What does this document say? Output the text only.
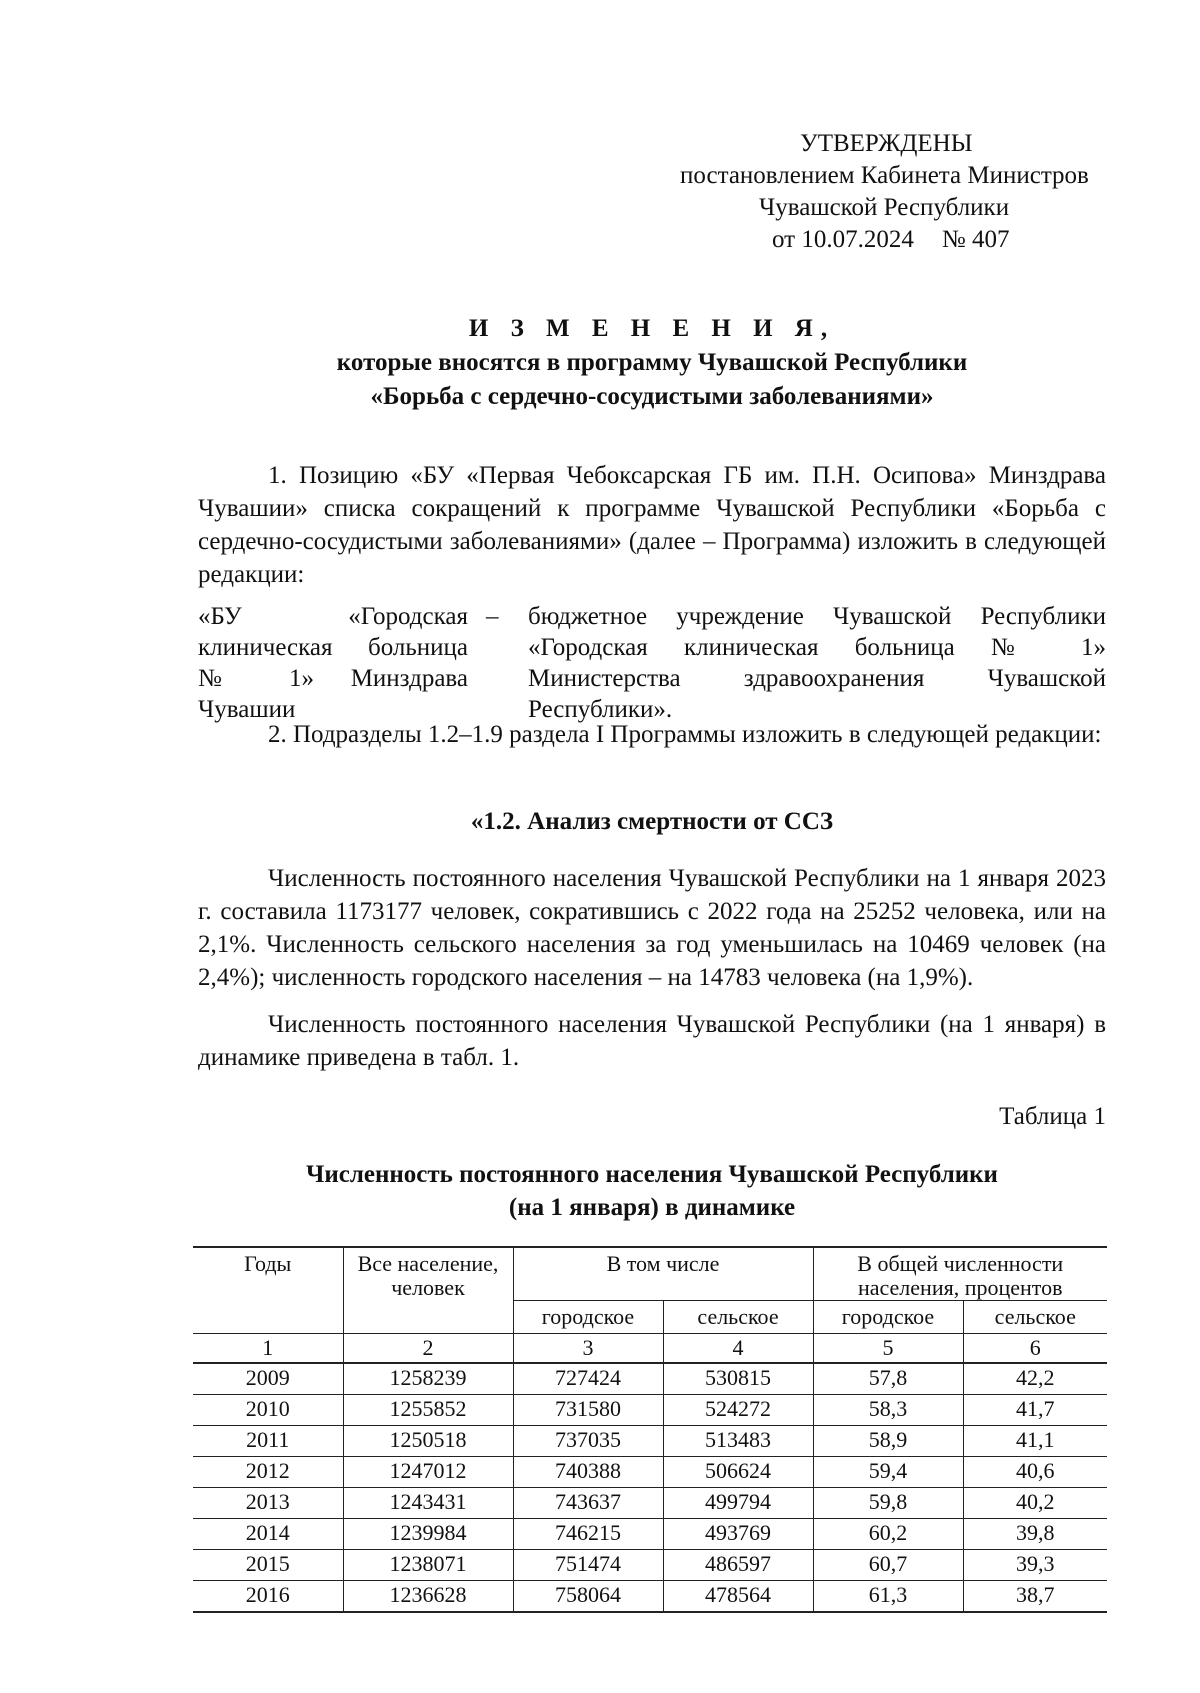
УТВЕРЖДЕНЫ
постановлением Кабинета Министров
Чувашской Республики
от 10.07.2024 № 407
И З М Е Н Е Н И Я,
которые вносятся в программу Чувашской Республики
«Борьба с сердечно-сосудистыми заболеваниями»

1. Позицию «БУ «Первая Чебоксарская ГБ им. П.Н. Осипова» Минздрава Чувашии» списка сокращений к программе Чувашской Республики «Борьба с сердечно-сосудистыми заболеваниями» (далее – Программа) изложить в следующей редакции:

«БУ «Городская клиническая больница № 1» Минздрава Чувашии
– бюджетное учреждение Чувашской Республики «Городская клиническая больница № 1» Министерства здравоохранения Чувашской Республики».

2. Подразделы 1.2–1.9 раздела I Программы изложить в следующей редакции:

«1.2. Анализ смертности от ССЗ

Численность постоянного населения Чувашской Республики на 1 января 2023 г. составила 1173177 человек, сократившись с 2022 года на 25252 человека, или на 2,1%. Численность сельского населения за год уменьшилась на 10469 человек (на 2,4%); численность городского населения – на 14783 человека (на 1,9%).

Численность постоянного населения Чувашской Республики (на 1 января) в динамике приведена в табл. 1.

Таблица 1
Численность постоянного населения Чувашской Республики
(на 1 января) в динамике
Годы	Все население, человек	В том числе		В общей численности населения, процентов	
		городское	сельское	городское	сельское
1	2	3	4	5	6
2009	1258239	727424	530815	57,8	42,2
2010	1255852	731580	524272	58,3	41,7
2011	1250518	737035	513483	58,9	41,1
2012	1247012	740388	506624	59,4	40,6
2013	1243431	743637	499794	59,8	40,2
2014	1239984	746215	493769	60,2	39,8
2015	1238071	751474	486597	60,7	39,3
2016	1236628	758064	478564	61,3	38,7
